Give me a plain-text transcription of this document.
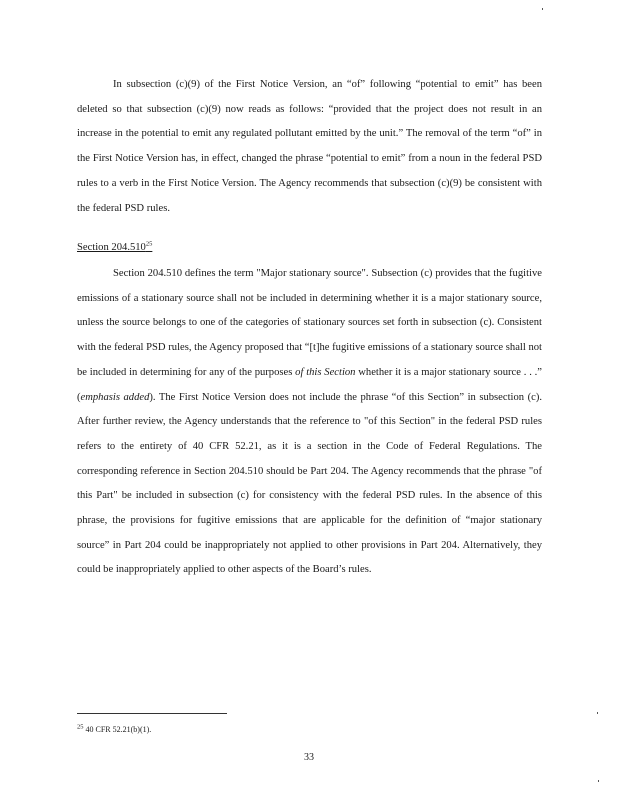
In subsection (c)(9) of the First Notice Version, an “of” following “potential to emit” has been deleted so that subsection (c)(9) now reads as follows: “provided that the project does not result in an increase in the potential to emit any regulated pollutant emitted by the unit.” The removal of the term “of” in the First Notice Version has, in effect, changed the phrase “potential to emit” from a noun in the federal PSD rules to a verb in the First Notice Version. The Agency recommends that subsection (c)(9) be consistent with the federal PSD rules.

Section 204.510$^{25}$

Section 204.510 defines the term "Major stationary source". Subsection (c) provides that the fugitive emissions of a stationary source shall not be included in determining whether it is a major stationary source, unless the source belongs to one of the categories of stationary sources set forth in subsection (c). Consistent with the federal PSD rules, the Agency proposed that “[t]he fugitive emissions of a stationary source shall not be included in determining for any of the purposes of this Section whether it is a major stationary source . . .” (emphasis added). The First Notice Version does not include the phrase “of this Section” in subsection (c). After further review, the Agency understands that the reference to "of this Section" in the federal PSD rules refers to the entirety of 40 CFR 52.21, as it is a section in the Code of Federal Regulations. The corresponding reference in Section 204.510 should be Part 204. The Agency recommends that the phrase "of this Part" be included in subsection (c) for consistency with the federal PSD rules. In the absence of this phrase, the provisions for fugitive emissions that are applicable for the definition of “major stationary source” in Part 204 could be inappropriately not applied to other provisions in Part 204. Alternatively, they could be inappropriately applied to other aspects of the Board’s rules.

$^{25}$ 40 CFR 52.21(b)(1).
33
